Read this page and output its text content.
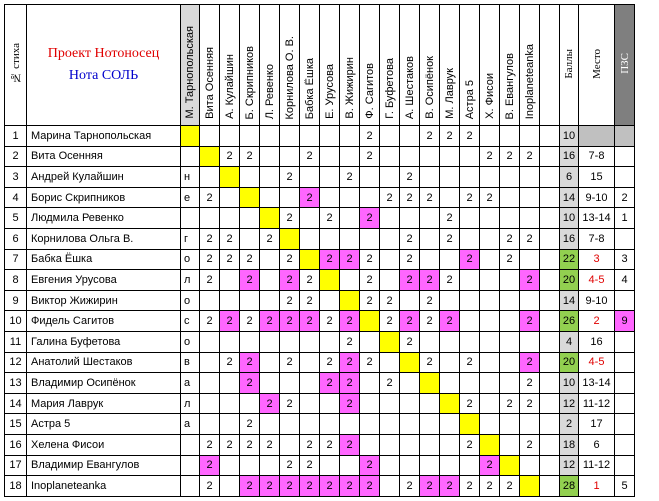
№ стиха	Проект Нотоносец
Нота СОЛЬ	М. Тарнопольская	Вита Осенняя	А. Кулайшин	Б. Скрипников	Л. Ревенко	Корнилова О. В.	Бабка Ёшка	Е. Урусова	В. Жижирин	Ф. Сагитов	Г. Буфетова	А. Шестаков	В. Осипёнок	М. Лаврук	Астра 5	Х. Фисои	В. Евангулов	Inoplaneteanka		Баллы	Место	ПЗС
1	Марина Тарнопольская										2			2	2	2					10		
2	Вита Осенняя			2	2			2			2						2	2	2		16	7-8	
3	Андрей Кулайшин	н					2			2			2								6	15	
4	Борис Скрипников	е	2					2				2	2	2		2	2				14	9-10	2
5	Людмила Ревенко						2		2		2				2						10	13-14	1
6	Корнилова Ольга В.	г	2	2		2							2		2			2	2		16	7-8	
7	Бабка Ёшка	о	2	2	2		2		2	2	2		2			2		2			22	3	3
8	Евгения Урусова	л	2		2		2	2			2		2	2	2				2		20	4-5	4
9	Виктор Жижирин	о					2	2			2	2		2							14	9-10	
10	Фидель Сагитов	с	2	2	2	2	2	2	2	2		2	2	2	2				2		26	2	9
11	Галина Буфетова	о								2			2								4	16	
12	Анатолий Шестаков	в		2	2		2		2	2	2			2		2			2		20	4-5	
13	Владимир Осипёнок	а			2				2	2		2							2		10	13-14	
14	Мария Лаврук	л				2	2			2						2		2	2		12	11-12	
15	Астра 5	а			2																2	17	
16	Хелена Фисои		2	2	2	2		2	2	2						2			2		18	6	
17	Владимир Евангулов		2				2	2			2						2				12	11-12	
18	Inoplaneteanka		2		2	2	2	2	2	2	2		2	2	2	2	2	2			28	1	5
